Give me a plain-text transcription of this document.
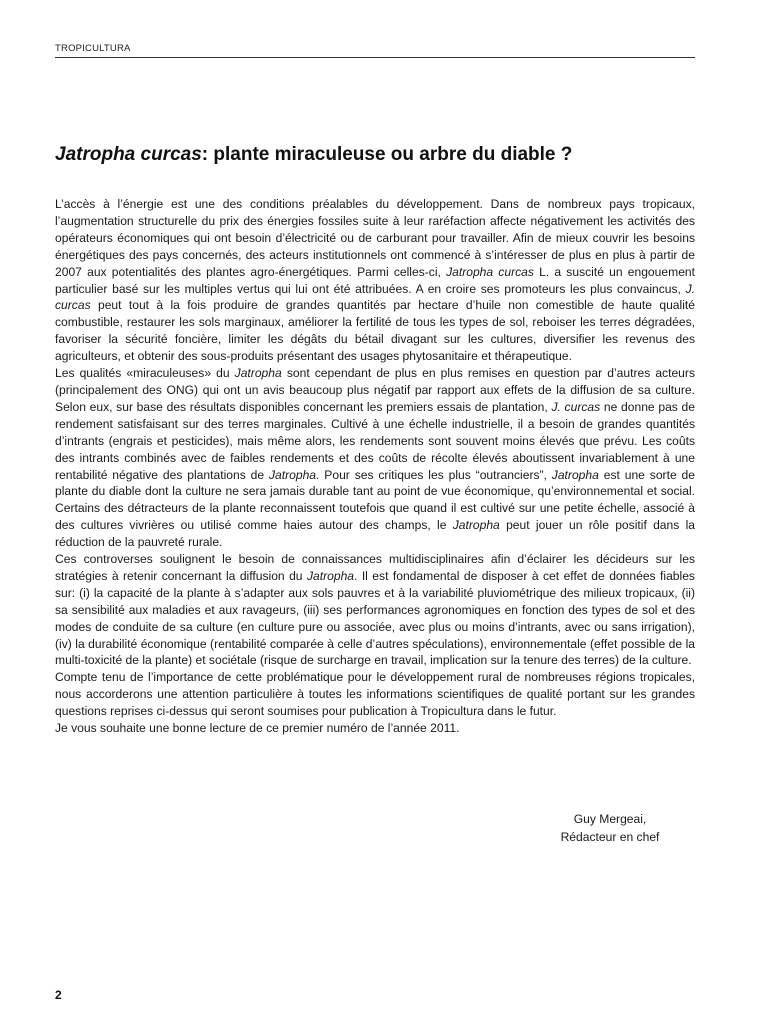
TROPICULTURA
Jatropha curcas: plante miraculeuse ou arbre du diable ?

L’accès à l’énergie est une des conditions préalables du développement. Dans de nombreux pays tropicaux, l’augmentation structurelle du prix des énergies fossiles suite à leur raréfaction affecte négativement les activités des opérateurs économiques qui ont besoin d’électricité ou de carburant pour travailler. Afin de mieux couvrir les besoins énergétiques des pays concernés, des acteurs institutionnels ont commencé à s’intéresser de plus en plus à partir de 2007 aux potentialités des plantes agro-énergétiques. Parmi celles-ci, Jatropha curcas L. a suscité un engouement particulier basé sur les multiples vertus qui lui ont été attribuées. A en croire ses promoteurs les plus convaincus, J. curcas peut tout à la fois produire de grandes quantités par hectare d’huile non comestible de haute qualité combustible, restaurer les sols marginaux, améliorer la fertilité de tous les types de sol, reboiser les terres dégradées, favoriser la sécurité foncière, limiter les dégâts du bétail divagant sur les cultures, diversifier les revenus des agriculteurs, et obtenir des sous-produits présentant des usages phytosanitaire et thérapeutique.

Les qualités «miraculeuses» du Jatropha sont cependant de plus en plus remises en question par d’autres acteurs (principalement des ONG) qui ont un avis beaucoup plus négatif par rapport aux effets de la diffusion de sa culture. Selon eux, sur base des résultats disponibles concernant les premiers essais de plantation, J. curcas ne donne pas de rendement satisfaisant sur des terres marginales. Cultivé à une échelle industrielle, il a besoin de grandes quantités d’intrants (engrais et pesticides), mais même alors, les rendements sont souvent moins élevés que prévu. Les coûts des intrants combinés avec de faibles rendements et des coûts de récolte élevés aboutissent invariablement à une rentabilité négative des plantations de Jatropha. Pour ses critiques les plus “outranciers”, Jatropha est une sorte de plante du diable dont la culture ne sera jamais durable tant au point de vue économique, qu’environnemental et social. Certains des détracteurs de la plante reconnaissent toutefois que quand il est cultivé sur une petite échelle, associé à des cultures vivrières ou utilisé comme haies autour des champs, le Jatropha peut jouer un rôle positif dans la réduction de la pauvreté rurale.

Ces controverses soulignent le besoin de connaissances multidisciplinaires afin d’éclairer les décideurs sur les stratégies à retenir concernant la diffusion du Jatropha. Il est fondamental de disposer à cet effet de données fiables sur: (i) la capacité de la plante à s’adapter aux sols pauvres et à la variabilité pluviométrique des milieux tropicaux, (ii) sa sensibilité aux maladies et aux ravageurs, (iii) ses performances agronomiques en fonction des types de sol et des modes de conduite de sa culture (en culture pure ou associée, avec plus ou moins d’intrants, avec ou sans irrigation), (iv) la durabilité économique (rentabilité comparée à celle d’autres spéculations), environnementale (effet possible de la multi-toxicité de la plante) et sociétale (risque de surcharge en travail, implication sur la tenure des terres) de la culture.

Compte tenu de l’importance de cette problématique pour le développement rural de nombreuses régions tropicales, nous accorderons une attention particulière à toutes les informations scientifiques de qualité portant sur les grandes questions reprises ci-dessus qui seront soumises pour publication à Tropicultura dans le futur.

Je vous souhaite une bonne lecture de ce premier numéro de l’année 2011.

Guy Mergeai,
Rédacteur en chef
2
